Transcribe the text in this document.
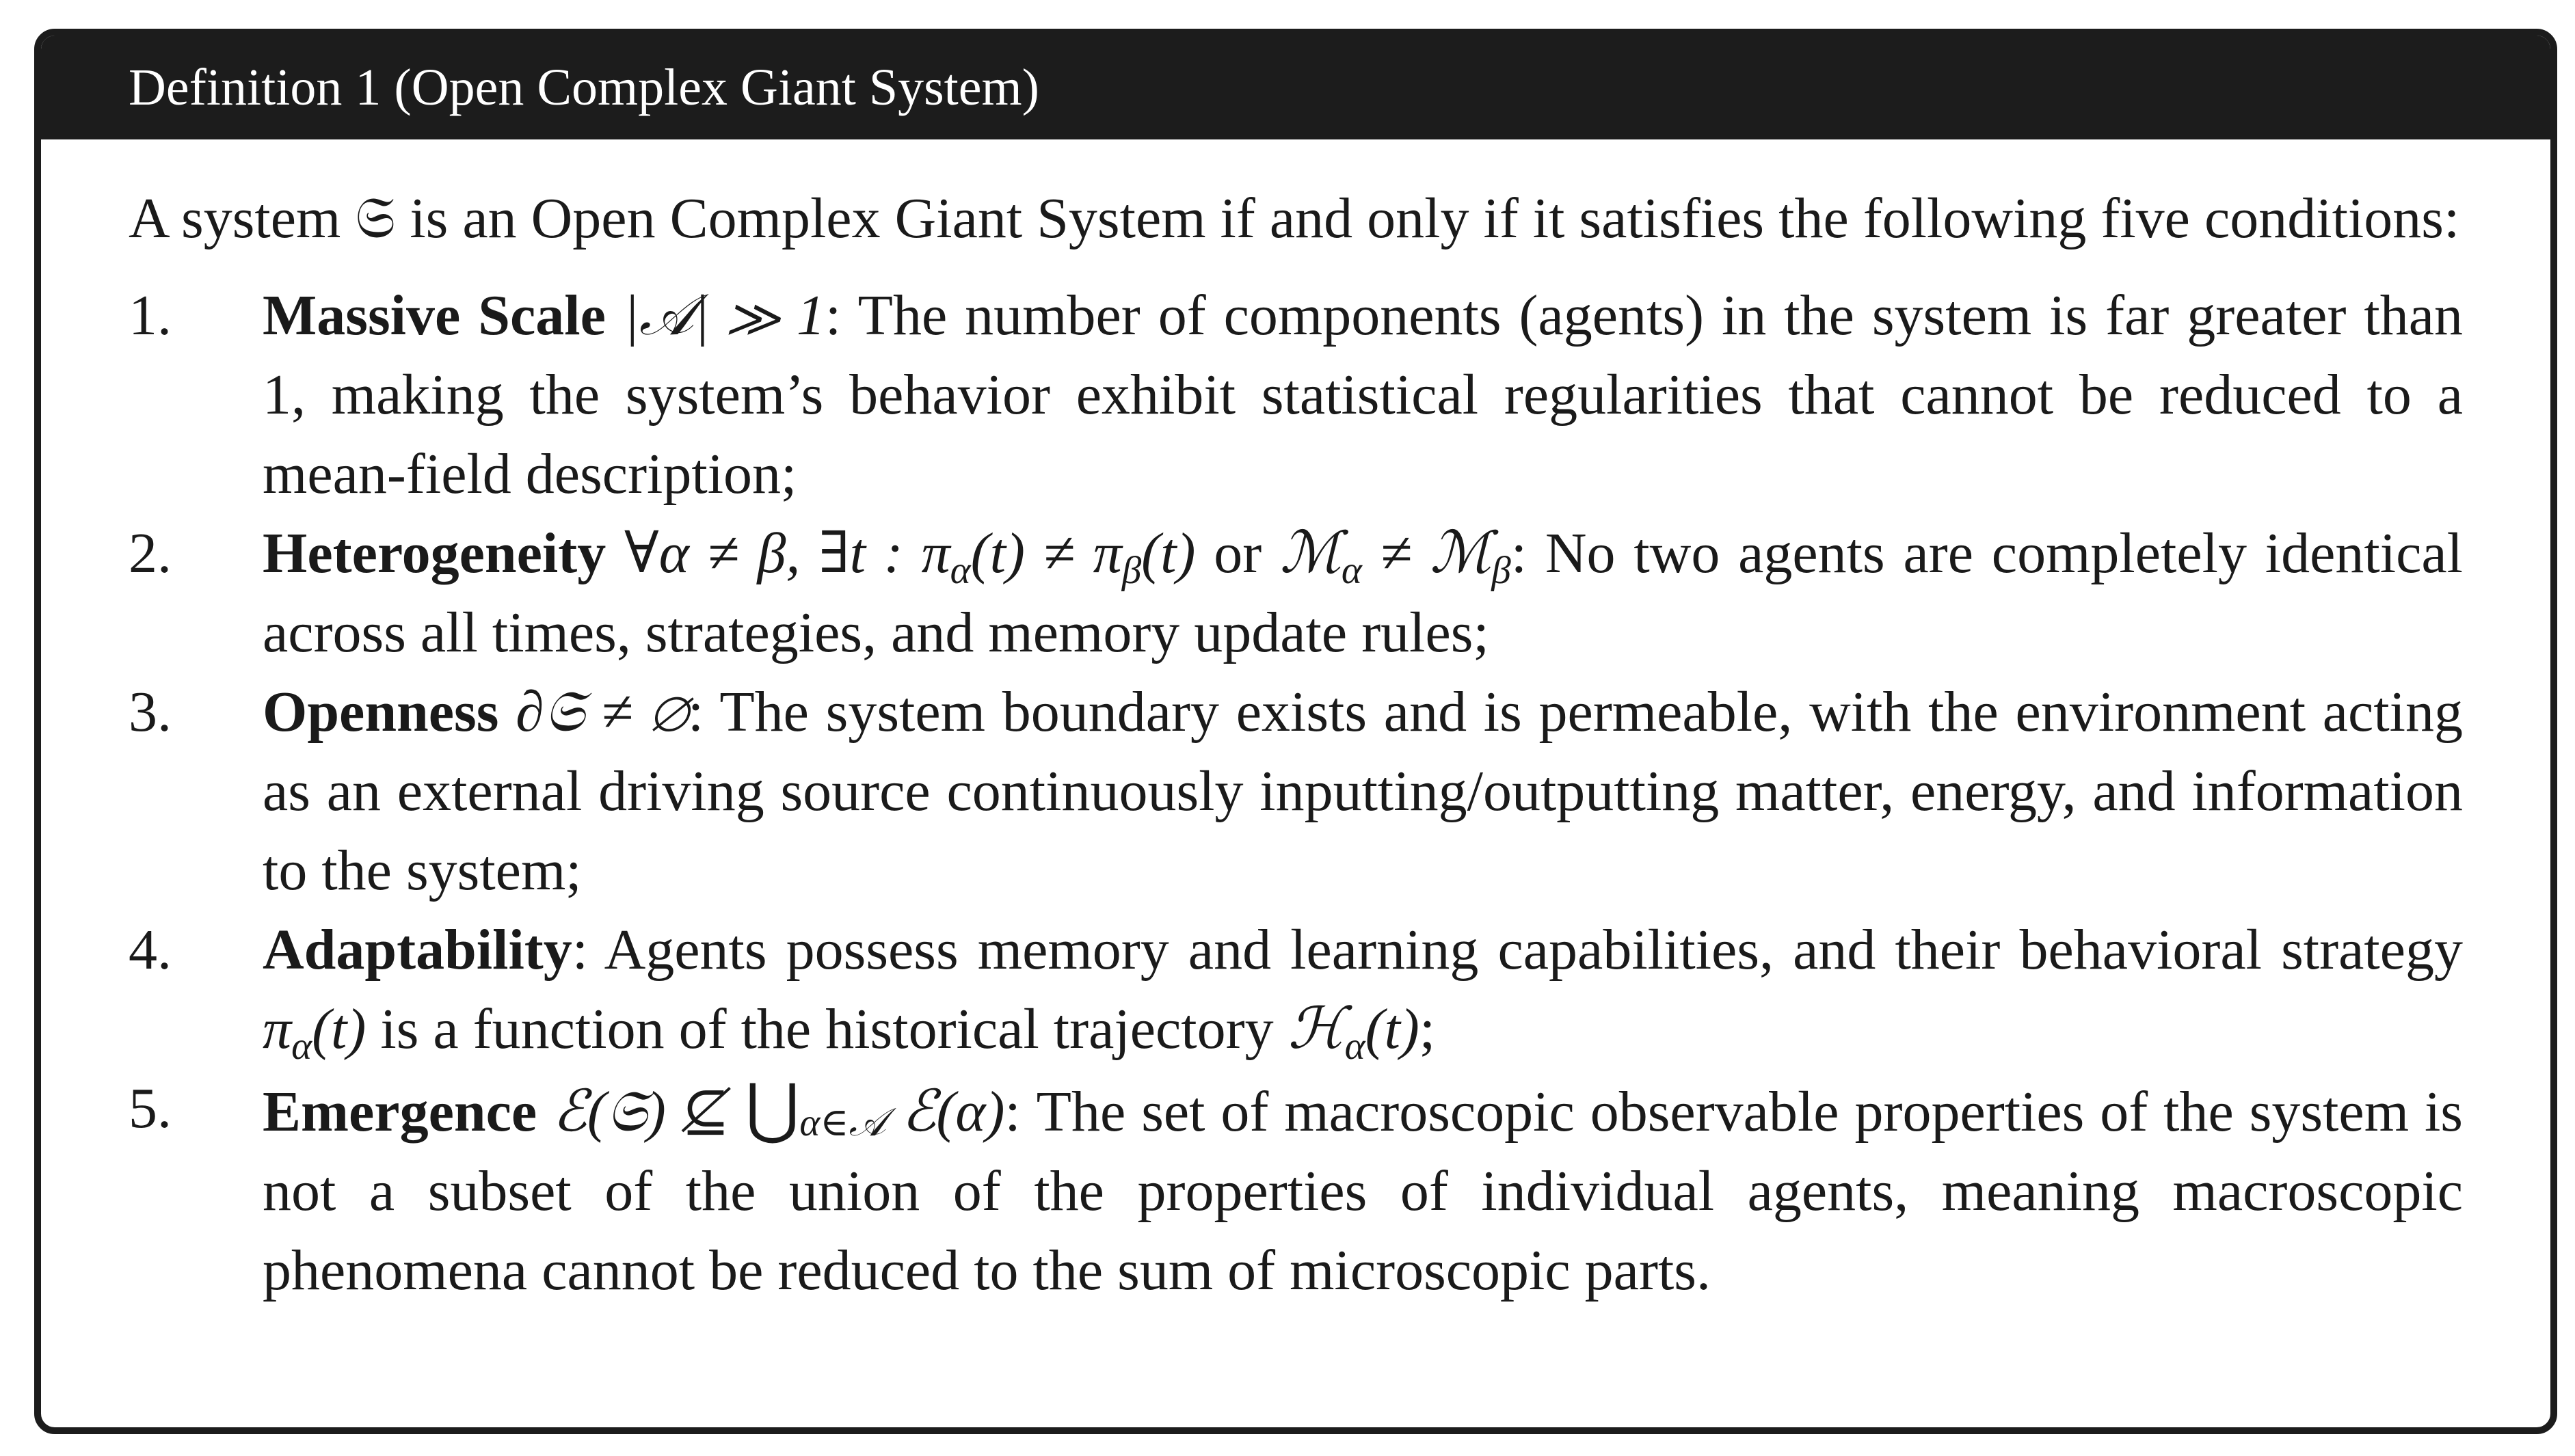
Definition 1 (Open Complex Giant System)

A system 𝔖 is an Open Complex Giant System if and only if it satisfies the following five conditions:

1.	Massive Scale |𝒜| ≫ 1: The number of components (agents) in the system is far greater than 1, making the system’s behavior exhibit statistical regularities that cannot be reduced to a mean-field description;
2.	Heterogeneity ∀α ≠ β, ∃t : πα(t) ≠ πβ(t) or ℳα ≠ ℳβ: No two agents are completely identical across all times, strategies, and memory update rules;
3.	Openness ∂𝔖 ≠ ∅: The system boundary exists and is permeable, with the environment acting as an external driving source continuously inputting/outputting matter, energy, and information to the system;
4.	Adaptability: Agents possess memory and learning capabilities, and their behavioral strategy πα(t) is a function of the historical trajectory ℋα(t);
5.	Emergence ℰ(𝔖) ⊈ ⋃α∈𝒜 ℰ(α): The set of macroscopic observable properties of the system is not a subset of the union of the properties of individual agents, meaning macroscopic phenomena cannot be reduced to the sum of microscopic parts.
